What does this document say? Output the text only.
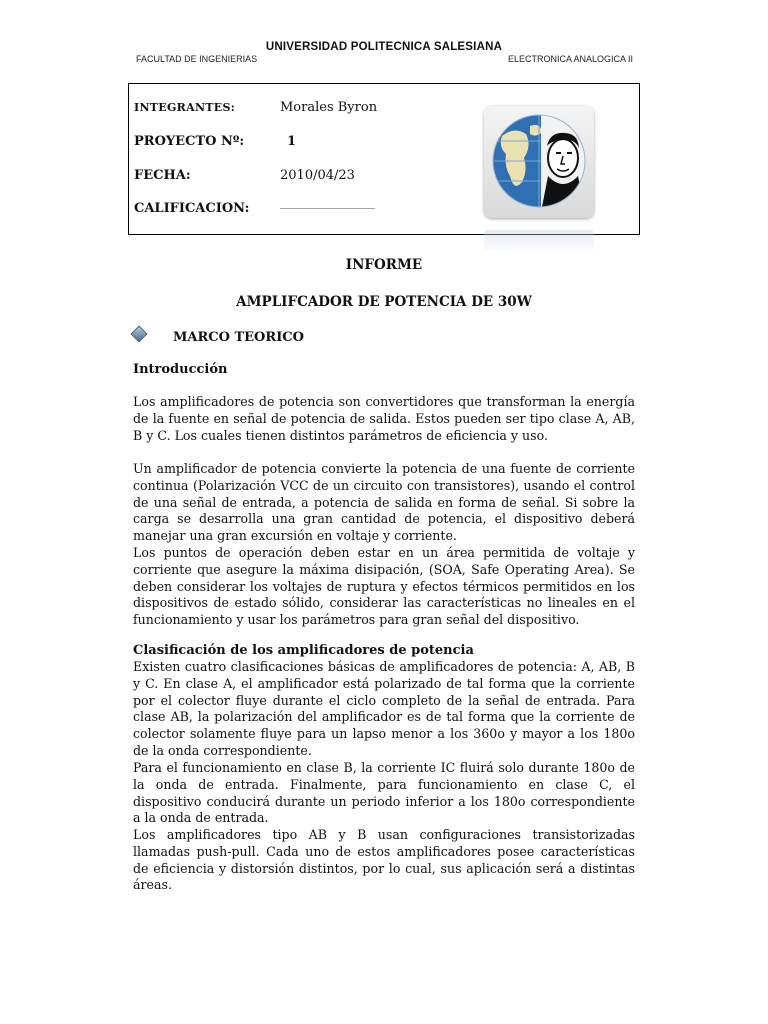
UNIVERSIDAD POLITECNICA SALESIANA
FACULTAD DE INGENIERIAS	ELECTRONICA ANALOGICA II
INTEGRANTES:	Morales Byron
PROYECTO Nº:	1
FECHA:	2010/04/23
CALIFICACION:	___________________
INFORME
AMPLIFCADOR DE POTENCIA DE 30W
MARCO TEORICO
Introducción

Los amplificadores de potencia son convertidores que transforman la energía de la fuente en señal de potencia de salida. Estos pueden ser tipo clase A, AB, B y C. Los cuales tienen distintos parámetros de eficiencia y uso.

Un amplificador de potencia convierte la potencia de una fuente de corriente continua (Polarización VCC de un circuito con transistores), usando el control de una señal de entrada, a potencia de salida en forma de señal. Si sobre la carga se desarrolla una gran cantidad de potencia, el dispositivo deberá manejar una gran excursión en voltaje y corriente.

Los puntos de operación deben estar en un área permitida de voltaje y corriente que asegure la máxima disipación, (SOA, Safe Operating Area). Se deben considerar los voltajes de ruptura y efectos térmicos permitidos en los dispositivos de estado sólido, considerar las características no lineales en el funcionamiento y usar los parámetros para gran señal del dispositivo.

Clasificación de los amplificadores de potencia

Existen cuatro clasificaciones básicas de amplificadores de potencia: A, AB, B y C. En clase A, el amplificador está polarizado de tal forma que la corriente por el colector fluye durante el ciclo completo de la señal de entrada. Para clase AB, la polarización del amplificador es de tal forma que la corriente de colector solamente fluye para un lapso menor a los 360o y mayor a los 180o de la onda correspondiente.

Para el funcionamiento en clase B, la corriente IC fluirá solo durante 180o de la onda de entrada. Finalmente, para funcionamiento en clase C, el dispositivo conducirá durante un periodo inferior a los 180o correspondiente a la onda de entrada.

Los amplificadores tipo AB y B usan configuraciones transistorizadas llamadas push-pull. Cada uno de estos amplificadores posee características de eficiencia y distorsión distintos, por lo cual, sus aplicación será a distintas áreas.
